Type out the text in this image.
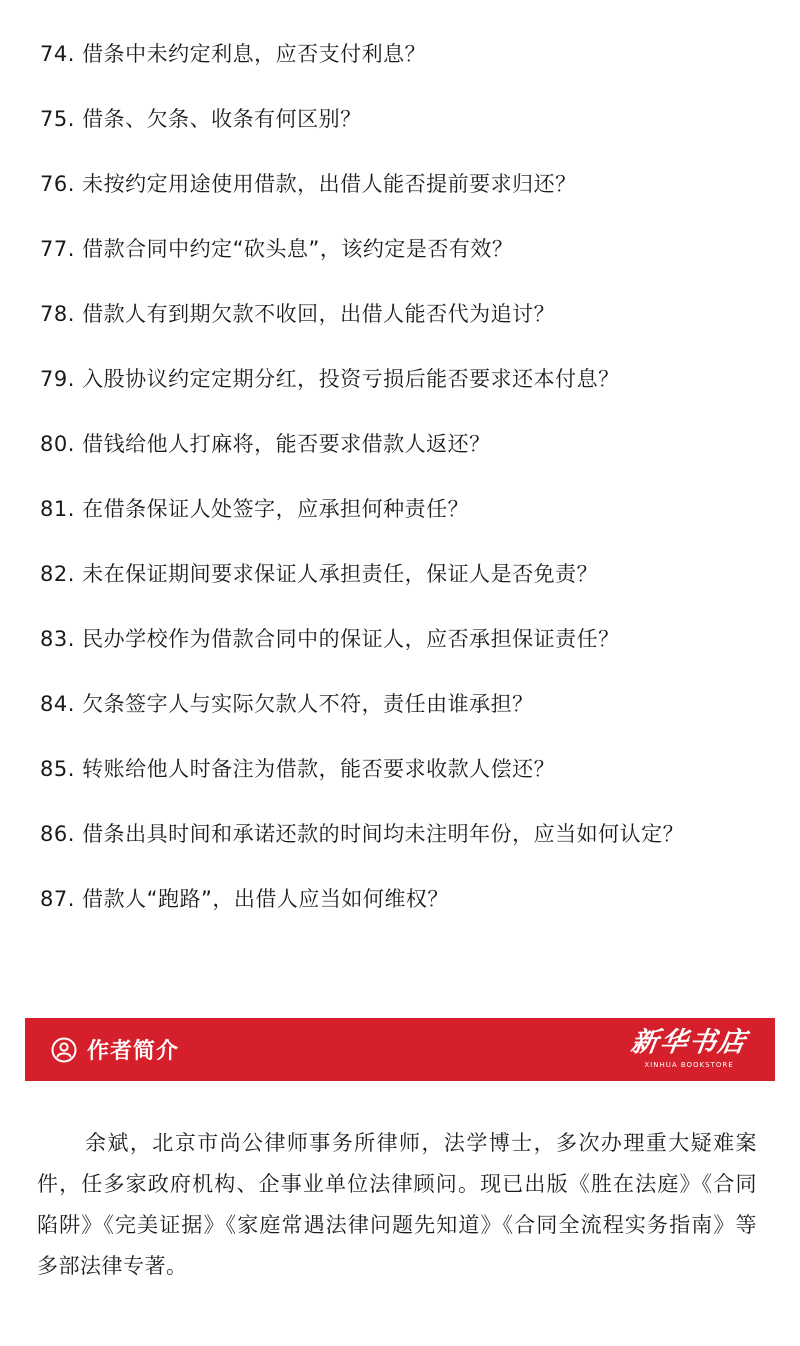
74. 借条中未约定利息，应否支付利息？
75. 借条、欠条、收条有何区别？
76. 未按约定用途使用借款，出借人能否提前要求归还？
77. 借款合同中约定“砍头息”，该约定是否有效？
78. 借款人有到期欠款不收回，出借人能否代为追讨？
79. 入股协议约定定期分红，投资亏损后能否要求还本付息？
80. 借钱给他人打麻将，能否要求借款人返还？
81. 在借条保证人处签字，应承担何种责任？
82. 未在保证期间要求保证人承担责任，保证人是否免责？
83. 民办学校作为借款合同中的保证人，应否承担保证责任？
84. 欠条签字人与实际欠款人不符，责任由谁承担？
85. 转账给他人时备注为借款，能否要求收款人偿还？
86. 借条出具时间和承诺还款的时间均未注明年份，应当如何认定？
87. 借款人“跑路”，出借人应当如何维权？
作者简介	新华书店
XINHUA BOOKSTORE

余斌，北京市尚公律师事务所律师，法学博士，多次办理重大疑难案件，任多家政府机构、企事业单位法律顾问。现已出版《胜在法庭》《合同陷阱》《完美证据》《家庭常遇法律问题先知道》《合同全流程实务指南》等多部法律专著。
